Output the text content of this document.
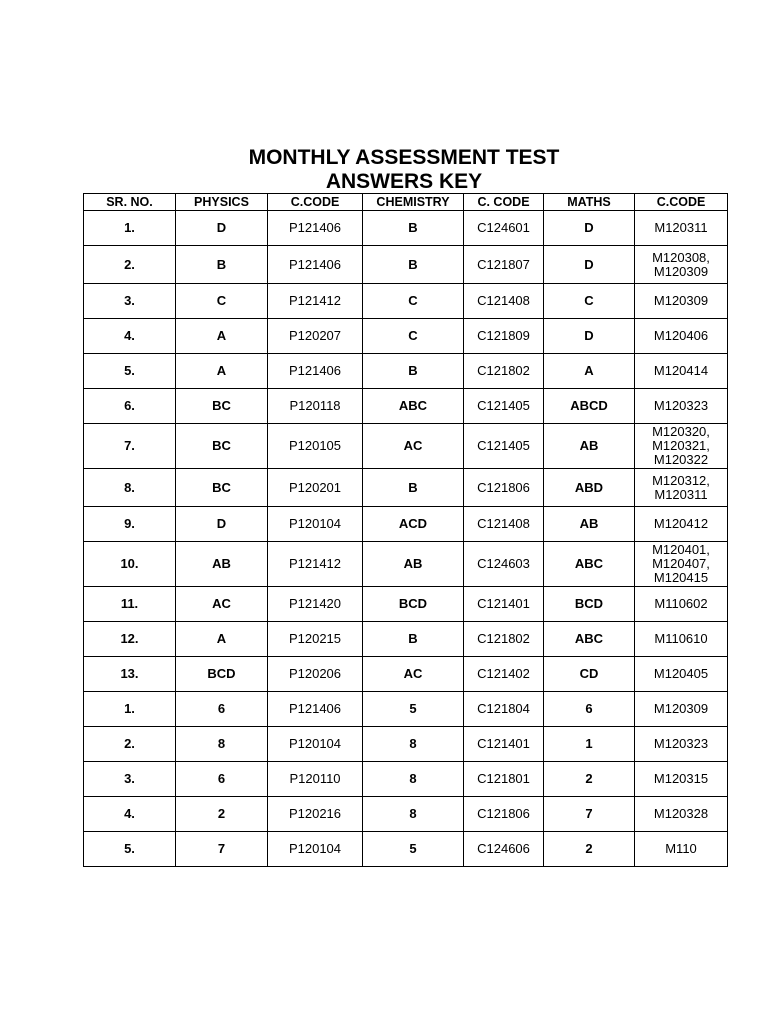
MONTHLY ASSESSMENT TEST
ANSWERS KEY
SR. NO.	PHYSICS	C.CODE	CHEMISTRY	C. CODE	MATHS	C.CODE
1.	D	P121406	B	C124601	D	M120311

2.	B	P121406	B	C121807	D	M120308,
M120309

3.	C	P121412	C	C121408	C	M120309

4.	A	P120207	C	C121809	D	M120406

5.	A	P121406	B	C121802	A	M120414

6.	BC	P120118	ABC	C121405	ABCD	M120323

7.	BC	P120105	AC	C121405	AB	M120320,
M120321,
M120322

8.	BC	P120201	B	C121806	ABD	M120312,
M120311

9.	D	P120104	ACD	C121408	AB	M120412

10.	AB	P121412	AB	C124603	ABC	M120401,
M120407,
M120415

11.	AC	P121420	BCD	C121401	BCD	M110602

12.	A	P120215	B	C121802	ABC	M110610

13.	BCD	P120206	AC	C121402	CD	M120405

1.	6	P121406	5	C121804	6	M120309

2.	8	P120104	8	C121401	1	M120323

3.	6	P120110	8	C121801	2	M120315

4.	2	P120216	8	C121806	7	M120328

5.	7	P120104	5	C124606	2	M110
